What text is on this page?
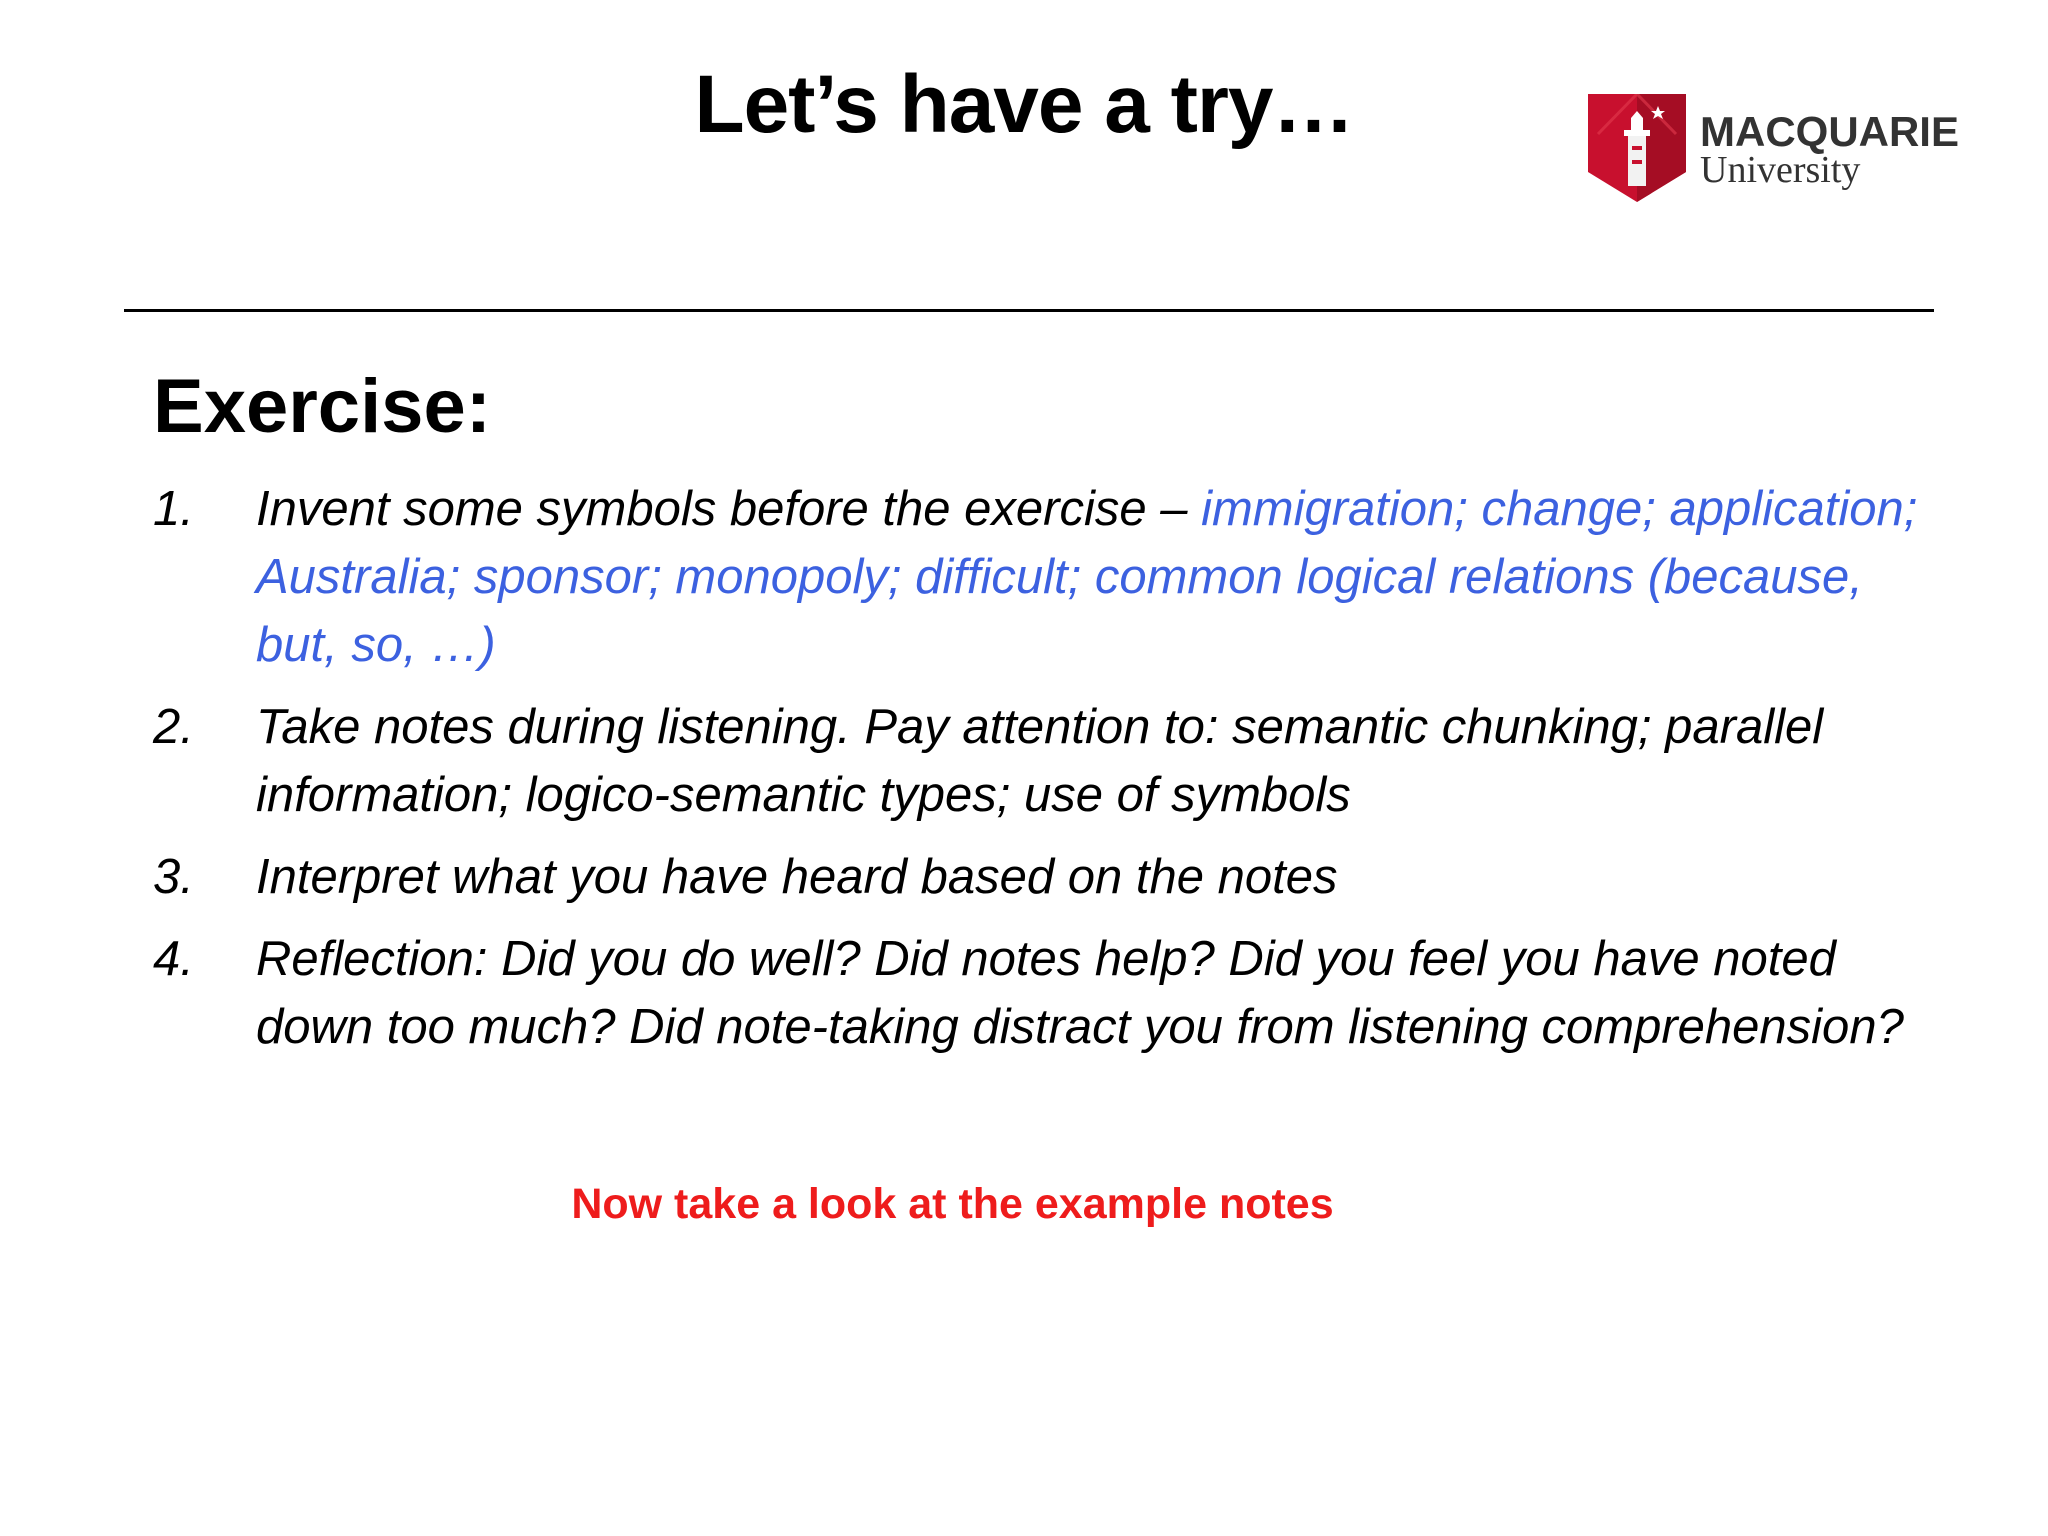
Let’s have a try…	MACQUARIE
University
Exercise:
1. Invent some symbols before the exercise – immigration; change; application; Australia; sponsor; monopoly; difficult; common logical relations (because, but, so, …)
2. Take notes during listening. Pay attention to: semantic chunking; parallel information; logico-semantic types; use of symbols
3. Interpret what you have heard based on the notes
4. Reflection: Did you do well? Did notes help? Did you feel you have noted down too much? Did note-taking distract you from listening comprehension?
Now take a look at the example notes
